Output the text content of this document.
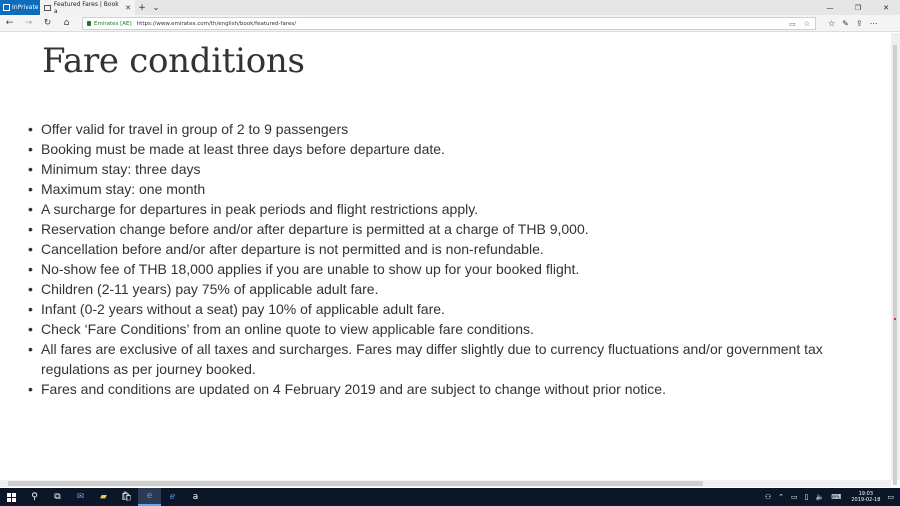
InPrivate	Featured Fares | Book a	✕ + ⌄	—	❐	✕
←	→	↻	⌂	Emirates [AE] https://www.emirates.com/th/english/book/featured-fares/	▭ ☆ ☆ ✎ ⇪ ⋯
Fare conditions
• Offer valid for travel in group of 2 to 9 passengers
• Booking must be made at least three days before departure date.
• Minimum stay: three days
• Maximum stay: one month
• A surcharge for departures in peak periods and flight restrictions apply.
• Reservation change before and/or after departure is permitted at a charge of THB 9,000.
• Cancellation before and/or after departure is not permitted and is non-refundable.
• No-show fee of THB 18,000 applies if you are unable to show up for your booked flight.
• Children (2-11 years) pay 75% of applicable adult fare.
• Infant (0-2 years without a seat) pay 10% of applicable adult fare.
• Check ‘Fare Conditions’ from an online quote to view applicable fare conditions.
• All fares are exclusive of all taxes and surcharges. Fares may differ slightly due to currency fluctuations and/or government tax regulations as per journey booked.
• Fares and conditions are updated on 4 February 2019 and are subject to change without prior notice.
⚲	⧉	✉	▰	🛍	e	ℯ	a	⚇ ⌃ ▭ ▯ 🔈 ⌨	19:03
2019-02-18 ▭
